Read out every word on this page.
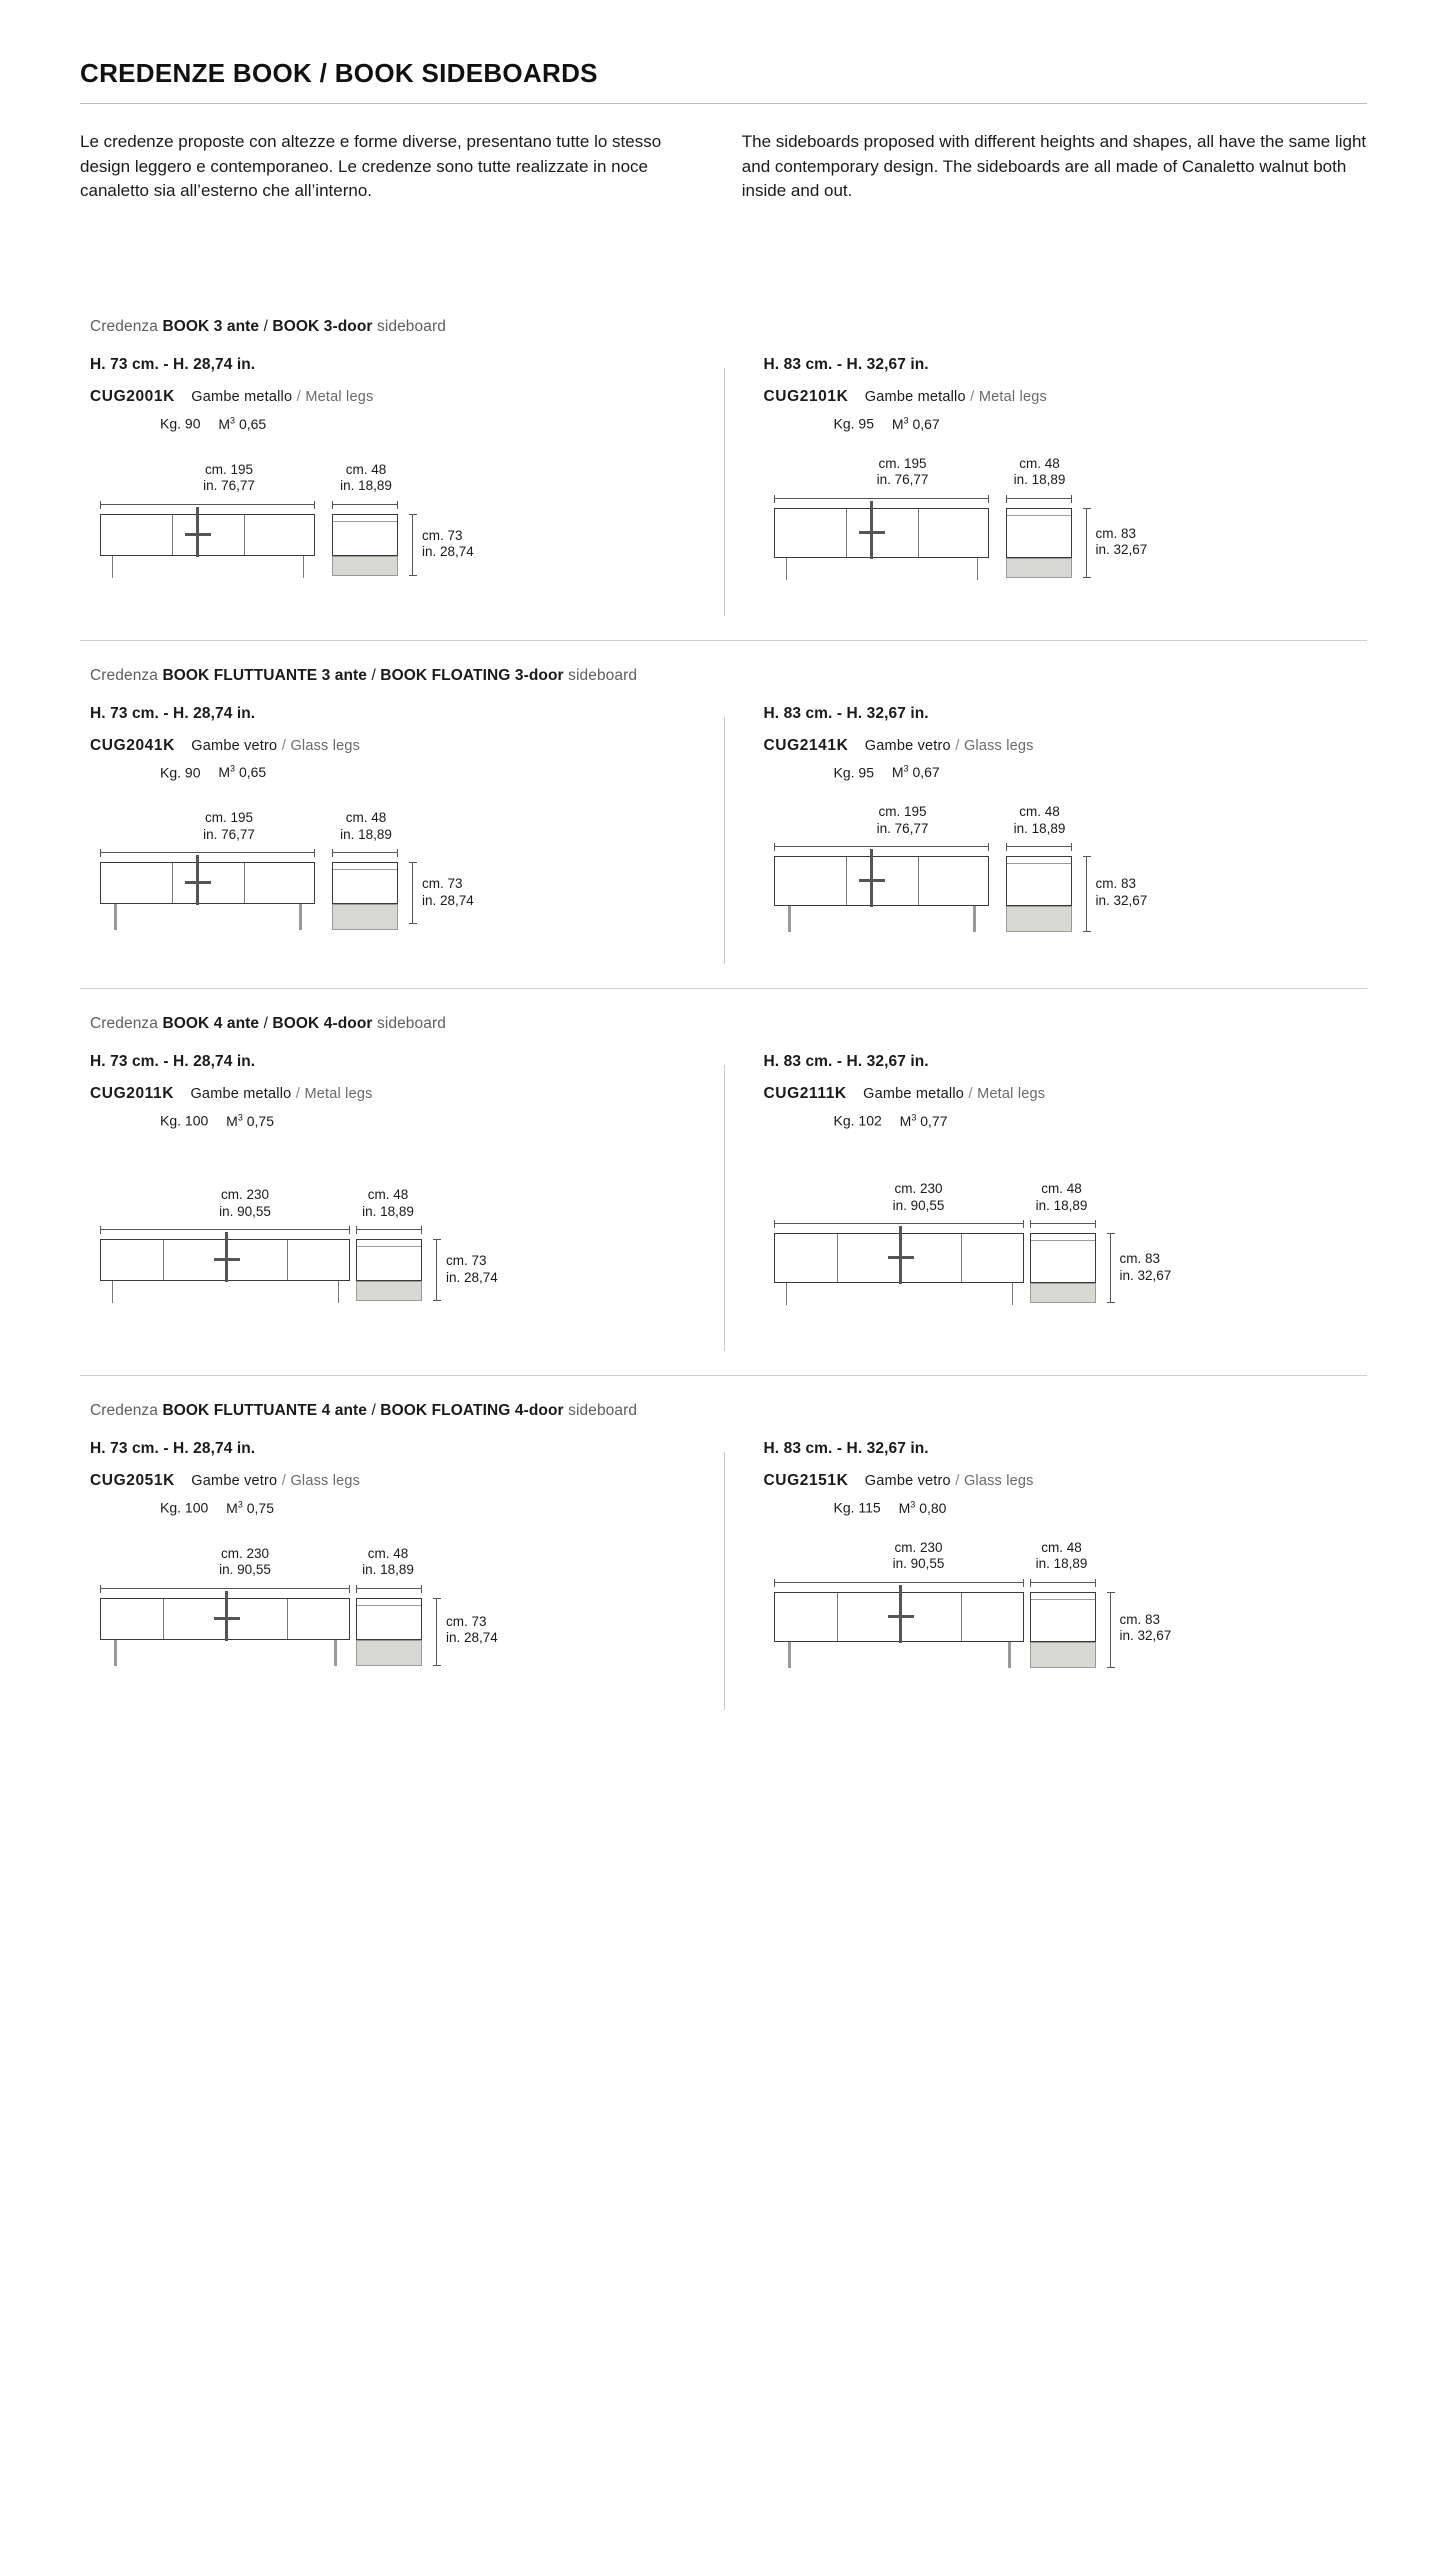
CREDENZE BOOK / BOOK SIDEBOARDS
Le credenze proposte con altezze e forme diverse, presentano tutte lo stesso design leggero e contemporaneo. Le credenze sono tutte realizzate in noce canaletto sia all’esterno che all’interno.
The sideboards proposed with different heights and shapes, all have the same light and contemporary design. The sideboards are all made of Canaletto walnut both inside and out.
Credenza BOOK 3 ante / BOOK 3-door sideboard
H. 73 cm. - H. 28,74 in.
CUG2001K Gambe metallo / Metal legs
Kg. 90 $M^3$ 0,65
cm. 195
in. 76,77
cm. 48
in. 18,89
cm. 73
in. 28,74
H. 83 cm. - H. 32,67 in.
CUG2101K Gambe metallo / Metal legs
Kg. 95 $M^3$ 0,67
cm. 195
in. 76,77
cm. 48
in. 18,89
cm. 83
in. 32,67
Credenza BOOK FLUTTUANTE 3 ante / BOOK FLOATING 3-door sideboard
H. 73 cm. - H. 28,74 in.
CUG2041K Gambe vetro / Glass legs
Kg. 90 $M^3$ 0,65
cm. 195
in. 76,77
cm. 48
in. 18,89
cm. 73
in. 28,74
H. 83 cm. - H. 32,67 in.
CUG2141K Gambe vetro / Glass legs
Kg. 95 $M^3$ 0,67
cm. 195
in. 76,77
cm. 48
in. 18,89
cm. 83
in. 32,67
Credenza BOOK 4 ante / BOOK 4-door sideboard
H. 73 cm. - H. 28,74 in.
CUG2011K Gambe metallo / Metal legs
Kg. 100 $M^3$ 0,75
cm. 230
in. 90,55
cm. 48
in. 18,89
cm. 73
in. 28,74
H. 83 cm. - H. 32,67 in.
CUG2111K Gambe metallo / Metal legs
Kg. 102 $M^3$ 0,77
cm. 230
in. 90,55
cm. 48
in. 18,89
cm. 83
in. 32,67
Credenza BOOK FLUTTUANTE 4 ante / BOOK FLOATING 4-door sideboard
H. 73 cm. - H. 28,74 in.
CUG2051K Gambe vetro / Glass legs
Kg. 100 $M^3$ 0,75
cm. 230
in. 90,55
cm. 48
in. 18,89
cm. 73
in. 28,74
H. 83 cm. - H. 32,67 in.
CUG2151K Gambe vetro / Glass legs
Kg. 115 $M^3$ 0,80
cm. 230
in. 90,55
cm. 48
in. 18,89
cm. 83
in. 32,67
